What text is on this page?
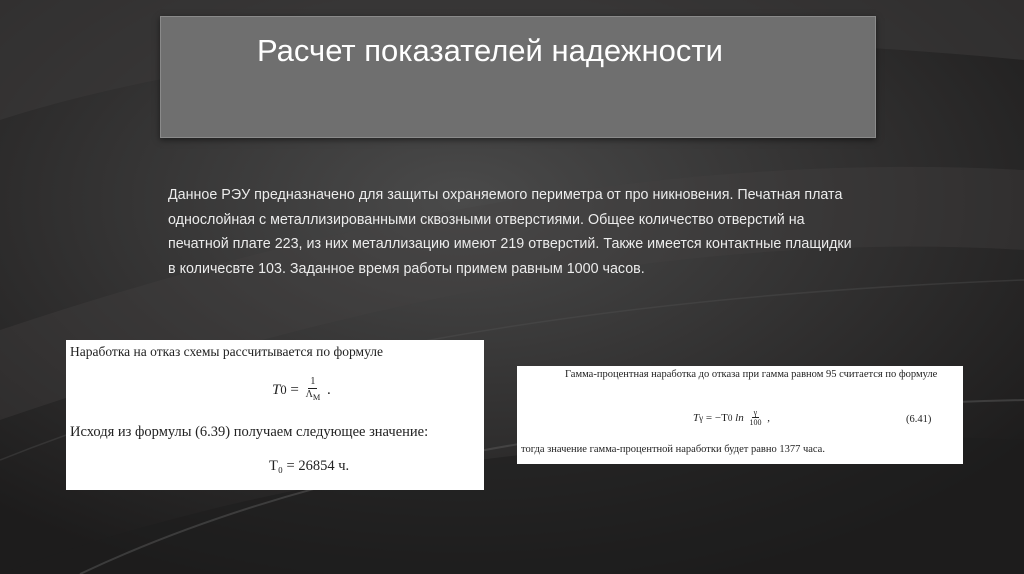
Расчет показателей надежности

Данное РЭУ предназначено для защиты охраняемого периметра от про никновения. Печатная плата однослойная с металлизированными сквозными отверстиями. Общее количество отверстий на печатной плате 223, из них металлизацию имеют 219 отверстий. Также имеется контактные плащидки в количесвте 103. Заданное время работы примем равным 1000 часов.

Наработка на отказ схемы рассчитывается по формуле
T $0 = \frac{1}{\Lambda_M}$ .
Исходя из формулы (6.39) получаем следующее значение:
T₀ = 26854 ч.
Гамма-процентная наработка до отказа при гамма равном 95 считается по формуле
T γ = −T 0 $\ln \frac{\gamma}{100}$ ,	(6.41)
тогда значение гамма-процентной наработки будет равно 1377 часа.
